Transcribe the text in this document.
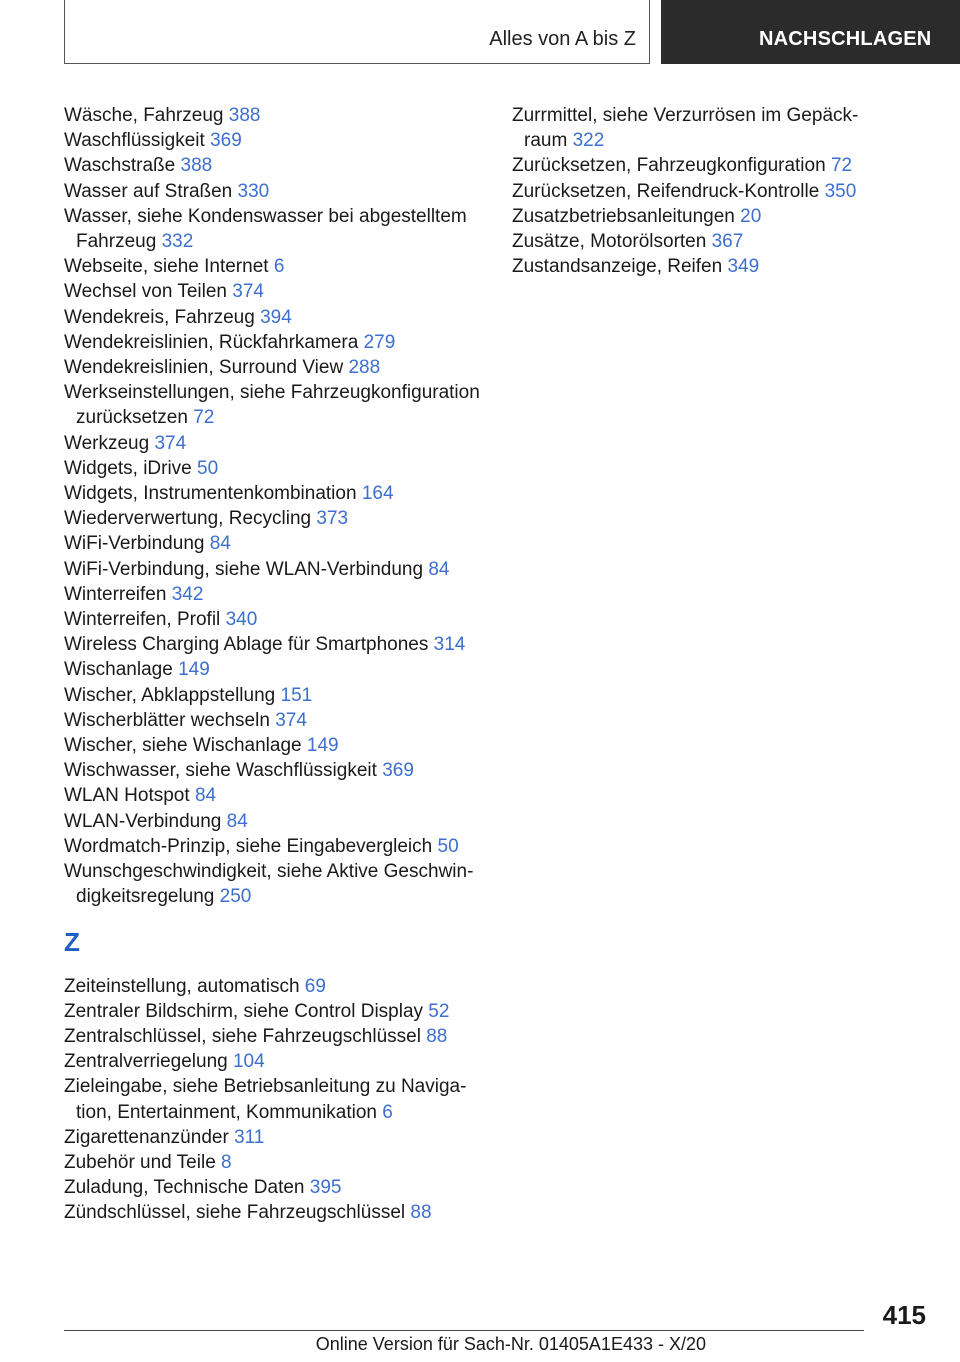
Alles von A bis Z	NACHSCHLAGEN
Wäsche, Fahrzeug 388
Waschflüssigkeit 369
Waschstraße 388
Wasser auf Straßen 330
Wasser, siehe Kondenswasser bei abgestelltem Fahrzeug 332
Webseite, siehe Internet 6
Wechsel von Teilen 374
Wendekreis, Fahrzeug 394
Wendekreislinien, Rückfahrkamera 279
Wendekreislinien, Surround View 288
Werkseinstellungen, siehe Fahrzeugkonfiguration zurücksetzen 72
Werkzeug 374
Widgets, iDrive 50
Widgets, Instrumentenkombination 164
Wiederverwertung, Recycling 373
WiFi-Verbindung 84
WiFi-Verbindung, siehe WLAN-Verbindung 84
Winterreifen 342
Winterreifen, Profil 340
Wireless Charging Ablage für Smartphones 314
Wischanlage 149
Wischer, Abklappstellung 151
Wischerblätter wechseln 374
Wischer, siehe Wischanlage 149
Wischwasser, siehe Waschflüssigkeit 369
WLAN Hotspot 84
WLAN-Verbindung 84
Wordmatch-Prinzip, siehe Eingabevergleich 50
Wunschgeschwindigkeit, siehe Aktive Geschwindigkeitsregelung 250
Z
Zeiteinstellung, automatisch 69
Zentraler Bildschirm, siehe Control Display 52
Zentralschlüssel, siehe Fahrzeugschlüssel 88
Zentralverriegelung 104
Zieleingabe, siehe Betriebsanleitung zu Navigation, Entertainment, Kommunikation 6
Zigarettenanzünder 311
Zubehör und Teile 8
Zuladung, Technische Daten 395
Zündschlüssel, siehe Fahrzeugschlüssel 88
Zurrmittel, siehe Verzurrösen im Gepäckraum 322
Zurücksetzen, Fahrzeugkonfiguration 72
Zurücksetzen, Reifendruck-Kontrolle 350
Zusatzbetriebsanleitungen 20
Zusätze, Motorölsorten 367
Zustandsanzeige, Reifen 349
415
Online Version für Sach-Nr. 01405A1E433 - X/20
